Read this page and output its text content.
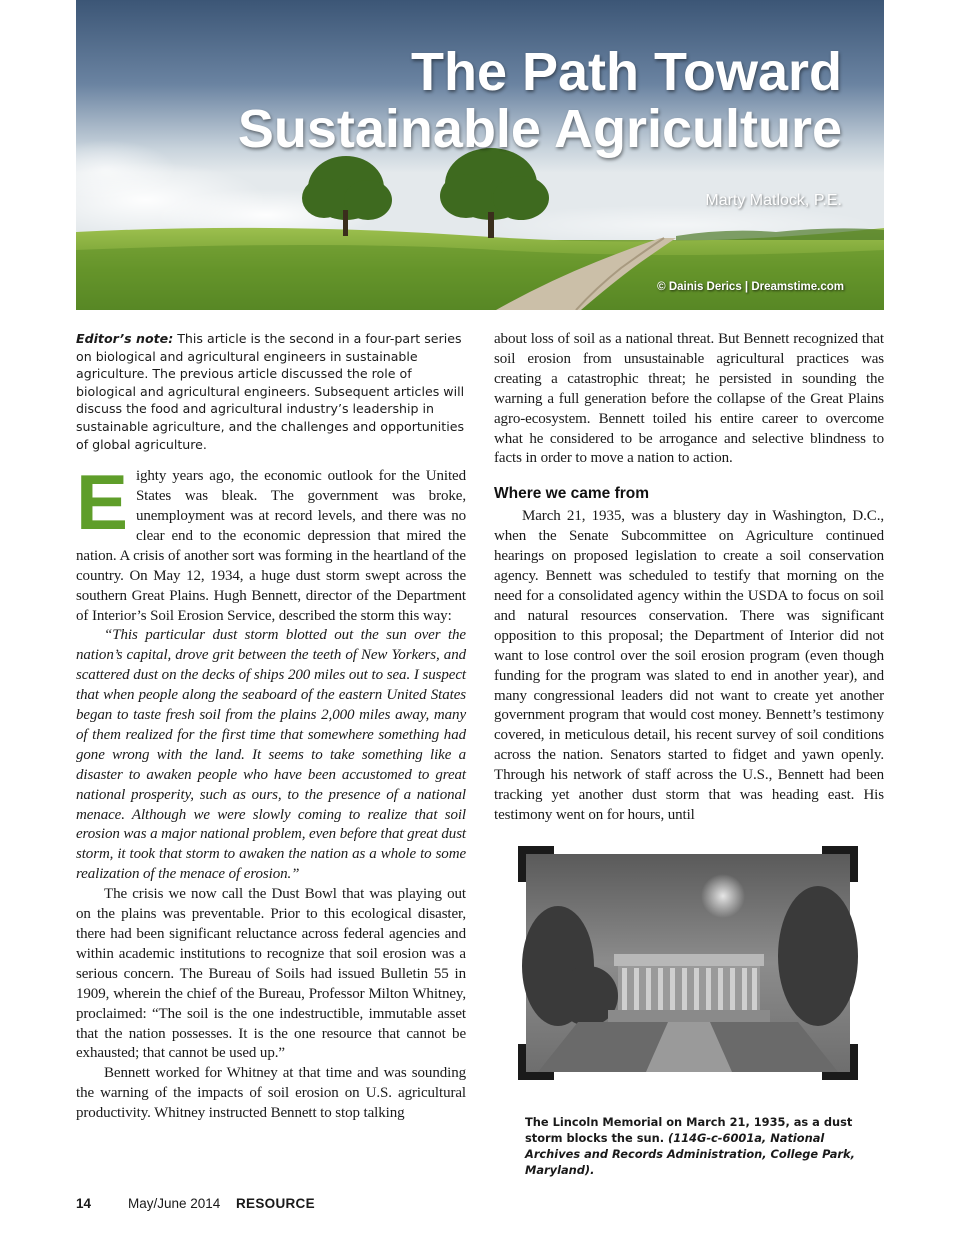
The Path Toward
Sustainable Agriculture
Marty Matlock, P.E.
© Dainis Derics | Dreamstime.com

Editor’s note: This article is the second in a four-part series on biological and agricultural engineers in sustainable agriculture. The previous article discussed the role of biological and agricultural engineers. Subsequent articles will discuss the food and agricultural industry’s leadership in sustainable agriculture, and the challenges and opportunities of global agriculture.

Eighty years ago, the economic outlook for the United States was bleak. The government was broke, unemployment was at record levels, and there was no clear end to the economic depression that mired the nation. A crisis of another sort was forming in the heartland of the country. On May 12, 1934, a huge dust storm swept across the southern Great Plains. Hugh Bennett, director of the Department of Interior’s Soil Erosion Service, described the storm this way:

“This particular dust storm blotted out the sun over the nation’s capital, drove grit between the teeth of New Yorkers, and scattered dust on the decks of ships 200 miles out to sea. I suspect that when people along the seaboard of the eastern United States began to taste fresh soil from the plains 2,000 miles away, many of them realized for the first time that somewhere something had gone wrong with the land. It seems to take something like a disaster to awaken people who have been accustomed to great national prosperity, such as ours, to the presence of a national menace. Although we were slowly coming to realize that soil erosion was a major national problem, even before that great dust storm, it took that storm to awaken the nation as a whole to some realization of the menace of erosion.”

The crisis we now call the Dust Bowl that was playing out on the plains was preventable. Prior to this ecological disaster, there had been significant reluctance across federal agencies and within academic institutions to recognize that soil erosion was a serious concern. The Bureau of Soils had issued Bulletin 55 in 1909, wherein the chief of the Bureau, Professor Milton Whitney, proclaimed: “The soil is the one indestructible, immutable asset that the nation possesses. It is the one resource that cannot be exhausted; that cannot be used up.”

Bennett worked for Whitney at that time and was sounding the warning of the impacts of soil erosion on U.S. agricultural productivity. Whitney instructed Bennett to stop talking

about loss of soil as a national threat. But Bennett recognized that soil erosion from unsustainable agricultural practices was creating a catastrophic threat; he persisted in sounding the warning a full generation before the collapse of the Great Plains agro-ecosystem. Bennett toiled his entire career to overcome what he considered to be arrogance and selective blindness to facts in order to move a nation to action.

Where we came from

March 21, 1935, was a blustery day in Washington, D.C., when the Senate Subcommittee on Agriculture continued hearings on proposed legislation to create a soil conservation agency. Bennett was scheduled to testify that morning on the need for a consolidated agency within the USDA to focus on soil and natural resources conservation. There was significant opposition to this proposal; the Department of Interior did not want to lose control over the soil erosion program (even though funding for the program was slated to end in another year), and many congressional leaders did not want to create yet another government program that would cost money. Bennett’s testimony covered, in meticulous detail, his recent survey of soil conditions across the nation. Senators started to fidget and yawn openly. Through his network of staff across the U.S., Bennett had been tracking yet another dust storm that was heading east. His testimony went on for hours, until

The Lincoln Memorial on March 21, 1935, as a dust storm blocks the sun. (114G-c-6001a, National Archives and Records Administration, College Park, Maryland).
14	May/June 2014 RESOURCE
